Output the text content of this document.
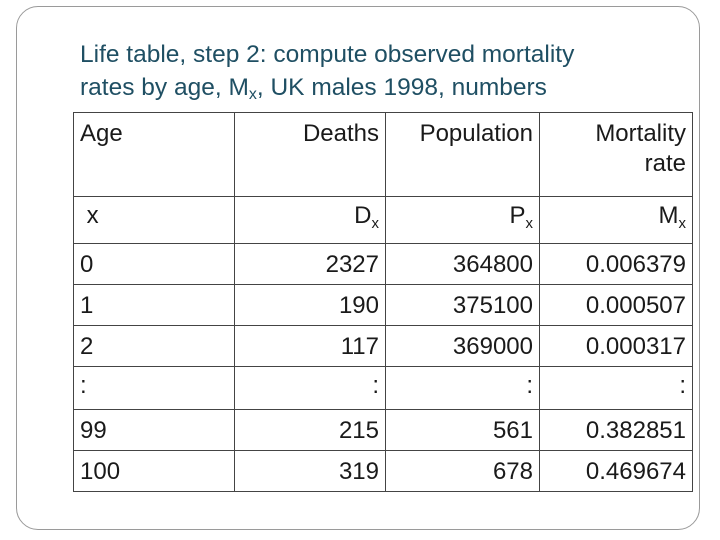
Life table, step 2: compute observed mortality
rates by age, $M_x$, UK males 1998, numbers
Age	Deaths	Population	Mortality
rate

x	$D_x$	$P_x$	$M_x$
0	2327	364800	0.006379
1	190	375100	0.000507
2	117	369000	0.000317
:	:	:	:
99	215	561	0.382851
100	319	678	0.469674
